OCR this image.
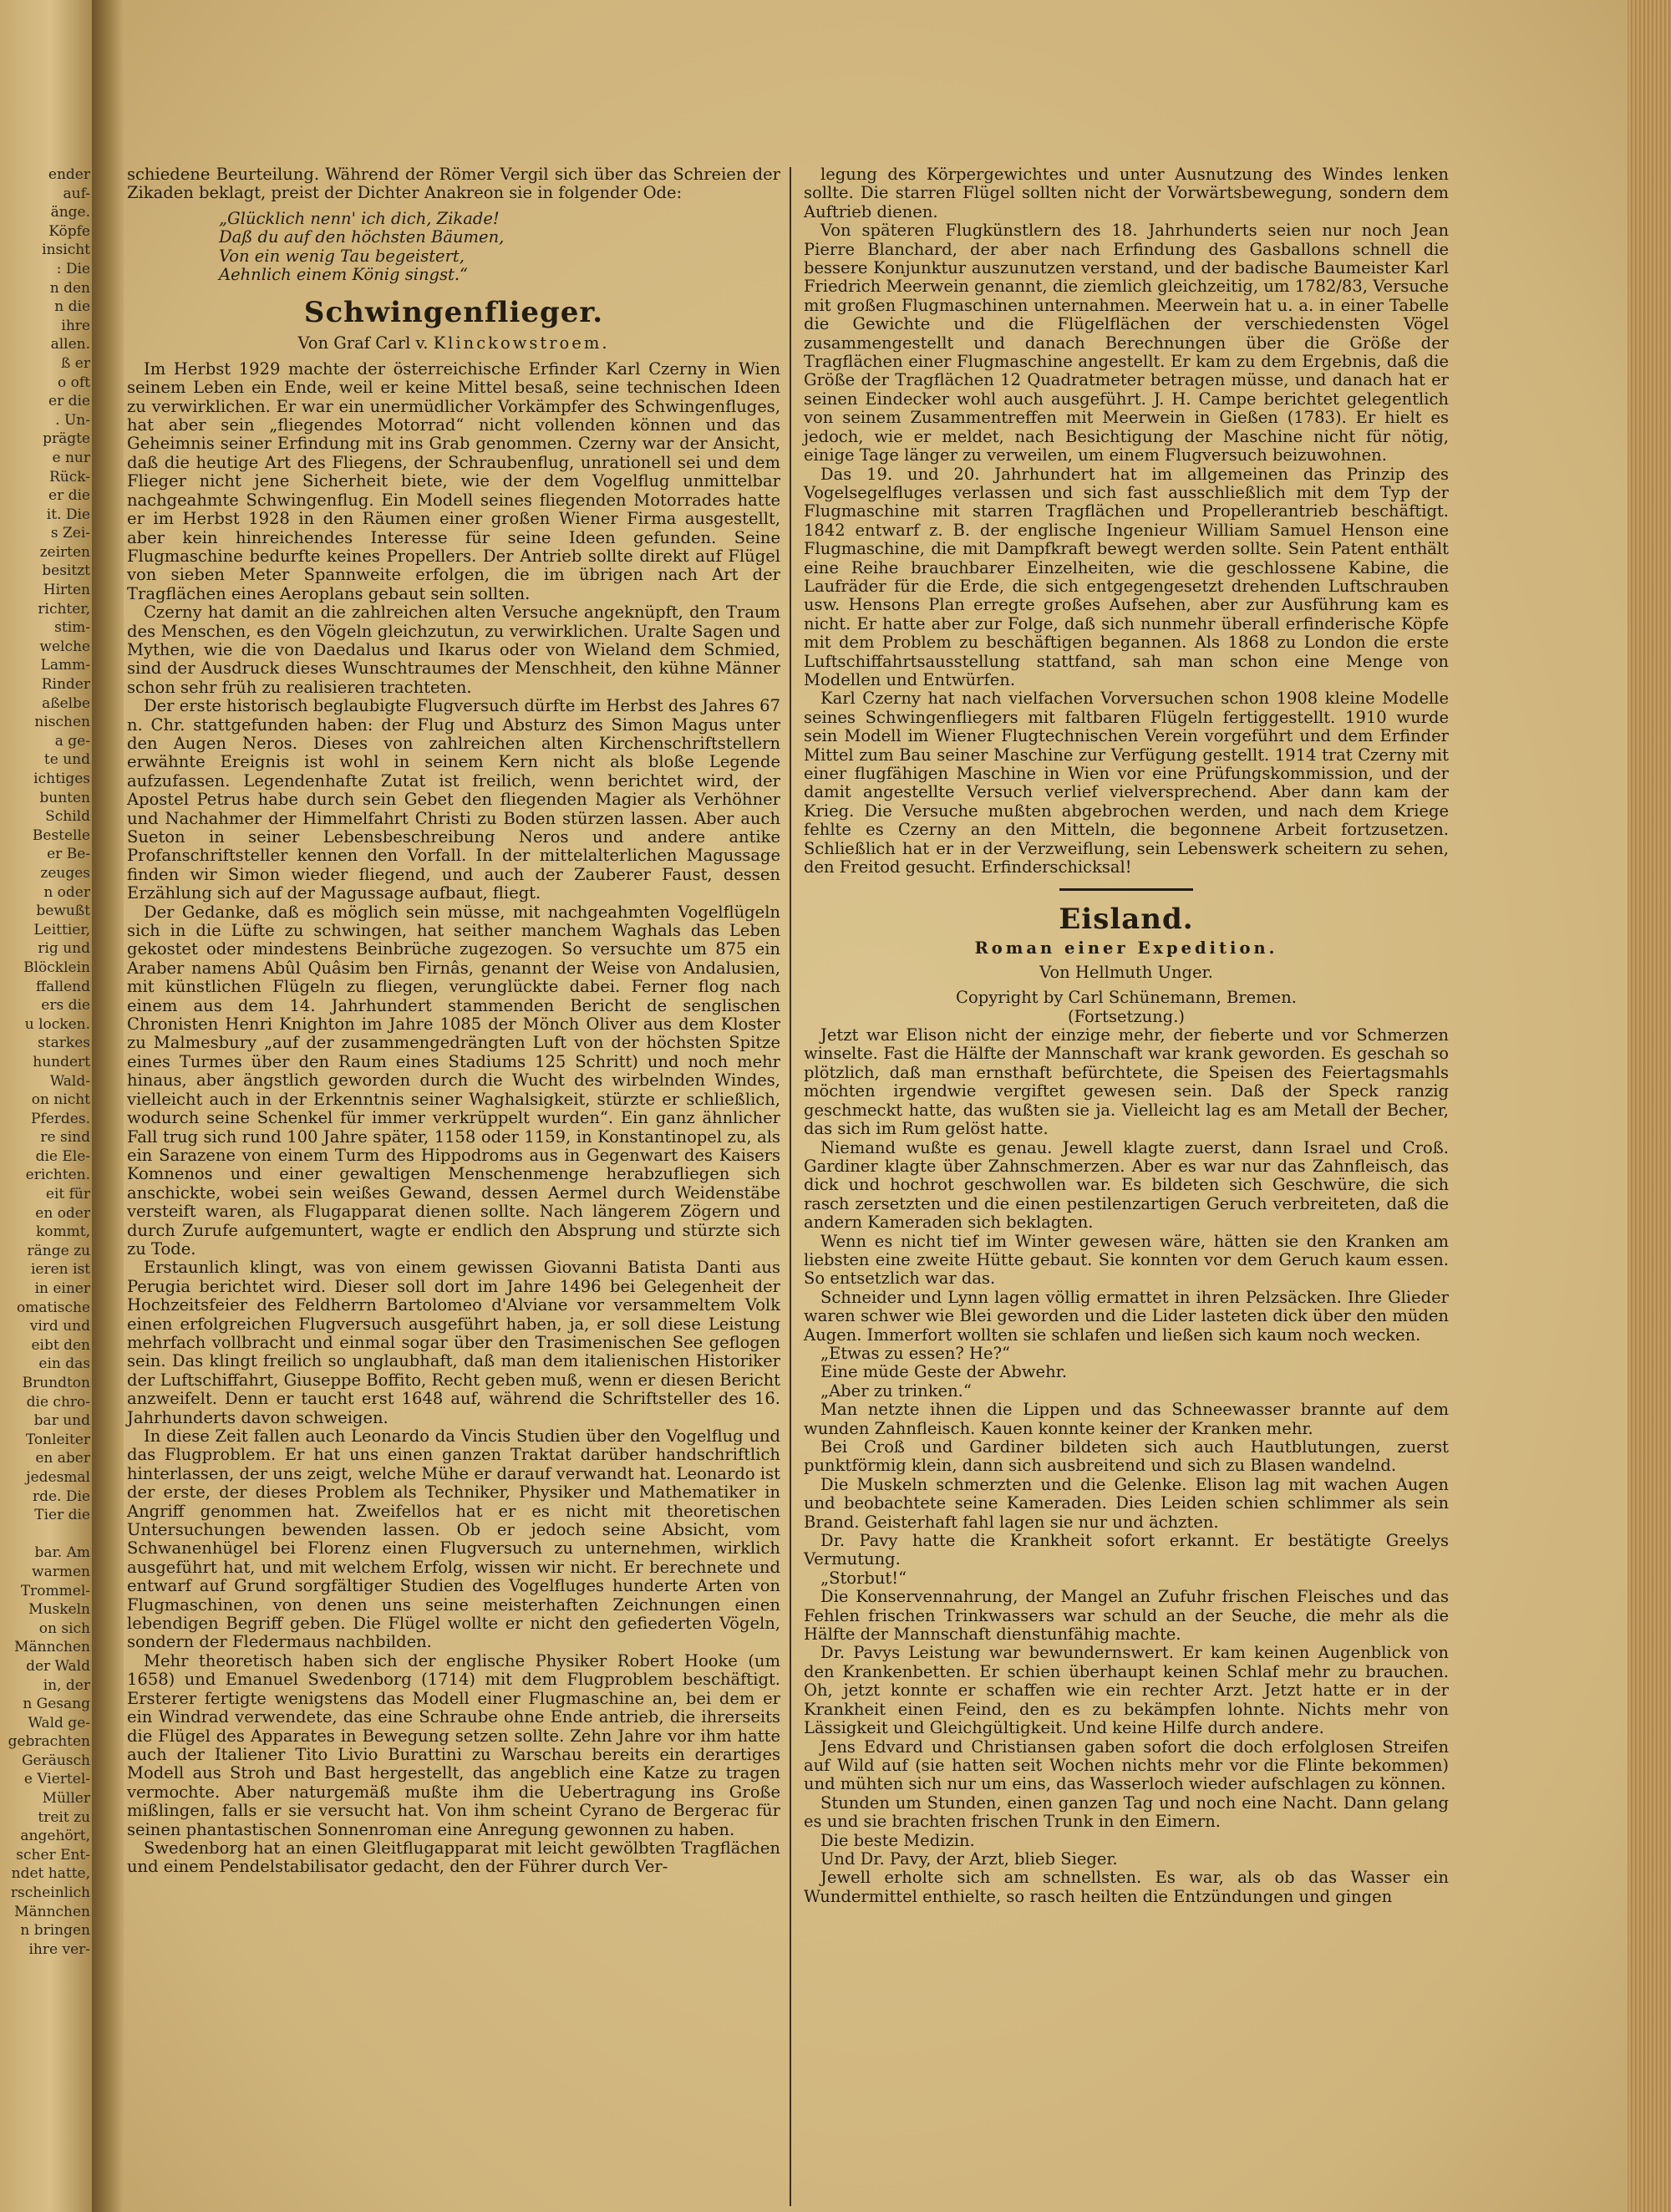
ender
auf-
änge.
Köpfe
insicht
: Die
n den
n die
ihre
allen.
ß er
o oft
er die
. Un-
prägte
e nur
Rück-
er die
it. Die
s Zei-
zeirten
besitzt
Hirten
richter,
stim-
welche
Lamm-
Rinder
aßelbe
nischen
a ge-
te und
ichtiges
bunten
Schild
Bestelle
er Be-
zeuges
n oder
bewußt
Leittier,
rig und
Blöcklein
ffallend
ers die
u locken.
starkes
hundert
Wald-
on nicht
Pferdes.
re sind
die Ele-
erichten.
eit für
en oder
kommt,
ränge zu
ieren ist
in einer
omatische
vird und
eibt den
ein das
Brundton
die chro-
bar und
Tonleiter
en aber
jedesmal
rde. Die
Tier die

bar. Am
warmen
Trommel-
Muskeln
on sich
Männchen
der Wald
in, der
n Gesang
Wald ge-
gebrachten
Geräusch
e Viertel-
Müller
treit zu
angehört,
scher Ent-
ndet hatte,
rscheinlich
Männchen
n bringen
ihre ver-

schiedene Beurteilung. Während der Römer Vergil sich über das Schreien der Zikaden beklagt, preist der Dichter Anakreon sie in folgender Ode:

„Glücklich nenn' ich dich, Zikade!
Daß du auf den höchsten Bäumen,
Von ein wenig Tau begeistert,
Aehnlich einem König singst.“
Schwingenflieger.
Von Graf Carl v. Klinckowstroem.

Im Herbst 1929 machte der österreichische Erfinder Karl Czerny in Wien seinem Leben ein Ende, weil er keine Mittel besaß, seine technischen Ideen zu verwirklichen. Er war ein unermüdlicher Vorkämpfer des Schwingenfluges, hat aber sein „fliegendes Motorrad“ nicht vollenden können und das Geheimnis seiner Erfindung mit ins Grab genommen. Czerny war der Ansicht, daß die heutige Art des Fliegens, der Schraubenflug, unrationell sei und dem Flieger nicht jene Sicherheit biete, wie der dem Vogelflug unmittelbar nachgeahmte Schwingenflug. Ein Modell seines fliegenden Motorrades hatte er im Herbst 1928 in den Räumen einer großen Wiener Firma ausgestellt, aber kein hinreichendes Interesse für seine Ideen gefunden. Seine Flugmaschine bedurfte keines Propellers. Der Antrieb sollte direkt auf Flügel von sieben Meter Spannweite erfolgen, die im übrigen nach Art der Tragflächen eines Aeroplans gebaut sein sollten.

Czerny hat damit an die zahlreichen alten Versuche angeknüpft, den Traum des Menschen, es den Vögeln gleichzutun, zu verwirklichen. Uralte Sagen und Mythen, wie die von Daedalus und Ikarus oder von Wieland dem Schmied, sind der Ausdruck dieses Wunschtraumes der Menschheit, den kühne Männer schon sehr früh zu realisieren trachteten.

Der erste historisch beglaubigte Flugversuch dürfte im Herbst des Jahres 67 n. Chr. stattgefunden haben: der Flug und Absturz des Simon Magus unter den Augen Neros. Dieses von zahlreichen alten Kirchenschriftstellern erwähnte Ereignis ist wohl in seinem Kern nicht als bloße Legende aufzufassen. Legendenhafte Zutat ist freilich, wenn berichtet wird, der Apostel Petrus habe durch sein Gebet den fliegenden Magier als Verhöhner und Nachahmer der Himmelfahrt Christi zu Boden stürzen lassen. Aber auch Sueton in seiner Lebensbeschreibung Neros und andere antike Profanschriftsteller kennen den Vorfall. In der mittelalterlichen Magussage finden wir Simon wieder fliegend, und auch der Zauberer Faust, dessen Erzählung sich auf der Magussage aufbaut, fliegt.

Der Gedanke, daß es möglich sein müsse, mit nachgeahmten Vogelflügeln sich in die Lüfte zu schwingen, hat seither manchem Waghals das Leben gekostet oder mindestens Beinbrüche zugezogen. So versuchte um 875 ein Araber namens Abûl Quâsim ben Firnâs, genannt der Weise von Andalusien, mit künstlichen Flügeln zu fliegen, verunglückte dabei. Ferner flog nach einem aus dem 14. Jahrhundert stammenden Bericht de senglischen Chronisten Henri Knighton im Jahre 1085 der Mönch Oliver aus dem Kloster zu Malmesbury „auf der zusammengedrängten Luft von der höchsten Spitze eines Turmes über den Raum eines Stadiums 125 Schritt) und noch mehr hinaus, aber ängstlich geworden durch die Wucht des wirbelnden Windes, vielleicht auch in der Erkenntnis seiner Waghalsigkeit, stürzte er schließlich, wodurch seine Schenkel für immer verkrüppelt wurden“. Ein ganz ähnlicher Fall trug sich rund 100 Jahre später, 1158 oder 1159, in Konstantinopel zu, als ein Sarazene von einem Turm des Hippodroms aus in Gegenwart des Kaisers Komnenos und einer gewaltigen Menschenmenge herabzufliegen sich anschickte, wobei sein weißes Gewand, dessen Aermel durch Weidenstäbe versteift waren, als Flugapparat dienen sollte. Nach längerem Zögern und durch Zurufe aufgemuntert, wagte er endlich den Absprung und stürzte sich zu Tode.

Erstaunlich klingt, was von einem gewissen Giovanni Batista Danti aus Perugia berichtet wird. Dieser soll dort im Jahre 1496 bei Gelegenheit der Hochzeitsfeier des Feldherrn Bartolomeo d'Alviane vor versammeltem Volk einen erfolgreichen Flugversuch ausgeführt haben, ja, er soll diese Leistung mehrfach vollbracht und einmal sogar über den Trasimenischen See geflogen sein. Das klingt freilich so unglaubhaft, daß man dem italienischen Historiker der Luftschiffahrt, Giuseppe Boffito, Recht geben muß, wenn er diesen Bericht anzweifelt. Denn er taucht erst 1648 auf, während die Schriftsteller des 16. Jahrhunderts davon schweigen.

In diese Zeit fallen auch Leonardo da Vincis Studien über den Vogelflug und das Flugproblem. Er hat uns einen ganzen Traktat darüber handschriftlich hinterlassen, der uns zeigt, welche Mühe er darauf verwandt hat. Leonardo ist der erste, der dieses Problem als Techniker, Physiker und Mathematiker in Angriff genommen hat. Zweifellos hat er es nicht mit theoretischen Untersuchungen bewenden lassen. Ob er jedoch seine Absicht, vom Schwanenhügel bei Florenz einen Flugversuch zu unternehmen, wirklich ausgeführt hat, und mit welchem Erfolg, wissen wir nicht. Er berechnete und entwarf auf Grund sorgfältiger Studien des Vogelfluges hunderte Arten von Flugmaschinen, von denen uns seine meisterhaften Zeichnungen einen lebendigen Begriff geben. Die Flügel wollte er nicht den gefiederten Vögeln, sondern der Fledermaus nachbilden.

Mehr theoretisch haben sich der englische Physiker Robert Hooke (um 1658) und Emanuel Swedenborg (1714) mit dem Flugproblem beschäftigt. Ersterer fertigte wenigstens das Modell einer Flugmaschine an, bei dem er ein Windrad verwendete, das eine Schraube ohne Ende antrieb, die ihrerseits die Flügel des Apparates in Bewegung setzen sollte. Zehn Jahre vor ihm hatte auch der Italiener Tito Livio Burattini zu Warschau bereits ein derartiges Modell aus Stroh und Bast hergestellt, das angeblich eine Katze zu tragen vermochte. Aber naturgemäß mußte ihm die Uebertragung ins Große mißlingen, falls er sie versucht hat. Von ihm scheint Cyrano de Bergerac für seinen phantastischen Sonnenroman eine Anregung gewonnen zu haben.

Swedenborg hat an einen Gleitflugapparat mit leicht gewölbten Tragflächen und einem Pendelstabilisator gedacht, den der Führer durch Ver-

legung des Körpergewichtes und unter Ausnutzung des Windes lenken sollte. Die starren Flügel sollten nicht der Vorwärtsbewegung, sondern dem Auftrieb dienen.

Von späteren Flugkünstlern des 18. Jahrhunderts seien nur noch Jean Pierre Blanchard, der aber nach Erfindung des Gasballons schnell die bessere Konjunktur auszunutzen verstand, und der badische Baumeister Karl Friedrich Meerwein genannt, die ziemlich gleichzeitig, um 1782/83, Versuche mit großen Flugmaschinen unternahmen. Meerwein hat u. a. in einer Tabelle die Gewichte und die Flügelflächen der verschiedensten Vögel zusammengestellt und danach Berechnungen über die Größe der Tragflächen einer Flugmaschine angestellt. Er kam zu dem Ergebnis, daß die Größe der Tragflächen 12 Quadratmeter betragen müsse, und danach hat er seinen Eindecker wohl auch ausgeführt. J. H. Campe berichtet gelegentlich von seinem Zusammentreffen mit Meerwein in Gießen (1783). Er hielt es jedoch, wie er meldet, nach Besichtigung der Maschine nicht für nötig, einige Tage länger zu verweilen, um einem Flugversuch beizuwohnen.

Das 19. und 20. Jahrhundert hat im allgemeinen das Prinzip des Vogelsegelfluges verlassen und sich fast ausschließlich mit dem Typ der Flugmaschine mit starren Tragflächen und Propellerantrieb beschäftigt. 1842 entwarf z. B. der englische Ingenieur William Samuel Henson eine Flugmaschine, die mit Dampfkraft bewegt werden sollte. Sein Patent enthält eine Reihe brauchbarer Einzelheiten, wie die geschlossene Kabine, die Laufräder für die Erde, die sich entgegengesetzt drehenden Luftschrauben usw. Hensons Plan erregte großes Aufsehen, aber zur Ausführung kam es nicht. Er hatte aber zur Folge, daß sich nunmehr überall erfinderische Köpfe mit dem Problem zu beschäftigen begannen. Als 1868 zu London die erste Luftschiffahrtsausstellung stattfand, sah man schon eine Menge von Modellen und Entwürfen.

Karl Czerny hat nach vielfachen Vorversuchen schon 1908 kleine Modelle seines Schwingenfliegers mit faltbaren Flügeln fertiggestellt. 1910 wurde sein Modell im Wiener Flugtechnischen Verein vorgeführt und dem Erfinder Mittel zum Bau seiner Maschine zur Verfügung gestellt. 1914 trat Czerny mit einer flugfähigen Maschine in Wien vor eine Prüfungskommission, und der damit angestellte Versuch verlief vielversprechend. Aber dann kam der Krieg. Die Versuche mußten abgebrochen werden, und nach dem Kriege fehlte es Czerny an den Mitteln, die begonnene Arbeit fortzusetzen. Schließlich hat er in der Verzweiflung, sein Lebenswerk scheitern zu sehen, den Freitod gesucht. Erfinderschicksal!

Eisland.
Roman einer Expedition.
Von Hellmuth Unger.
Copyright by Carl Schünemann, Bremen.
(Fortsetzung.)

Jetzt war Elison nicht der einzige mehr, der fieberte und vor Schmerzen winselte. Fast die Hälfte der Mannschaft war krank geworden. Es geschah so plötzlich, daß man ernsthaft befürchtete, die Speisen des Feiertagsmahls möchten irgendwie vergiftet gewesen sein. Daß der Speck ranzig geschmeckt hatte, das wußten sie ja. Vielleicht lag es am Metall der Becher, das sich im Rum gelöst hatte.

Niemand wußte es genau. Jewell klagte zuerst, dann Israel und Croß. Gardiner klagte über Zahnschmerzen. Aber es war nur das Zahnfleisch, das dick und hochrot geschwollen war. Es bildeten sich Geschwüre, die sich rasch zersetzten und die einen pestilenzartigen Geruch verbreiteten, daß die andern Kameraden sich beklagten.

Wenn es nicht tief im Winter gewesen wäre, hätten sie den Kranken am liebsten eine zweite Hütte gebaut. Sie konnten vor dem Geruch kaum essen. So entsetzlich war das.

Schneider und Lynn lagen völlig ermattet in ihren Pelzsäcken. Ihre Glieder waren schwer wie Blei geworden und die Lider lasteten dick über den müden Augen. Immerfort wollten sie schlafen und ließen sich kaum noch wecken.

„Etwas zu essen? He?“

Eine müde Geste der Abwehr.

„Aber zu trinken.“

Man netzte ihnen die Lippen und das Schneewasser brannte auf dem wunden Zahnfleisch. Kauen konnte keiner der Kranken mehr.

Bei Croß und Gardiner bildeten sich auch Hautblutungen, zuerst punktförmig klein, dann sich ausbreitend und sich zu Blasen wandelnd.

Die Muskeln schmerzten und die Gelenke. Elison lag mit wachen Augen und beobachtete seine Kameraden. Dies Leiden schien schlimmer als sein Brand. Geisterhaft fahl lagen sie nur und ächzten.

Dr. Pavy hatte die Krankheit sofort erkannt. Er bestätigte Greelys Vermutung.

„Storbut!“

Die Konservennahrung, der Mangel an Zufuhr frischen Fleisches und das Fehlen frischen Trinkwassers war schuld an der Seuche, die mehr als die Hälfte der Mannschaft dienstunfähig machte.

Dr. Pavys Leistung war bewundernswert. Er kam keinen Augenblick von den Krankenbetten. Er schien überhaupt keinen Schlaf mehr zu brauchen. Oh, jetzt konnte er schaffen wie ein rechter Arzt. Jetzt hatte er in der Krankheit einen Feind, den es zu bekämpfen lohnte. Nichts mehr von Lässigkeit und Gleichgültigkeit. Und keine Hilfe durch andere.

Jens Edvard und Christiansen gaben sofort die doch erfolglosen Streifen auf Wild auf (sie hatten seit Wochen nichts mehr vor die Flinte bekommen) und mühten sich nur um eins, das Wasserloch wieder aufschlagen zu können.

Stunden um Stunden, einen ganzen Tag und noch eine Nacht. Dann gelang es und sie brachten frischen Trunk in den Eimern.

Die beste Medizin.

Und Dr. Pavy, der Arzt, blieb Sieger.

Jewell erholte sich am schnellsten. Es war, als ob das Wasser ein Wundermittel enthielte, so rasch heilten die Entzündungen und gingen
